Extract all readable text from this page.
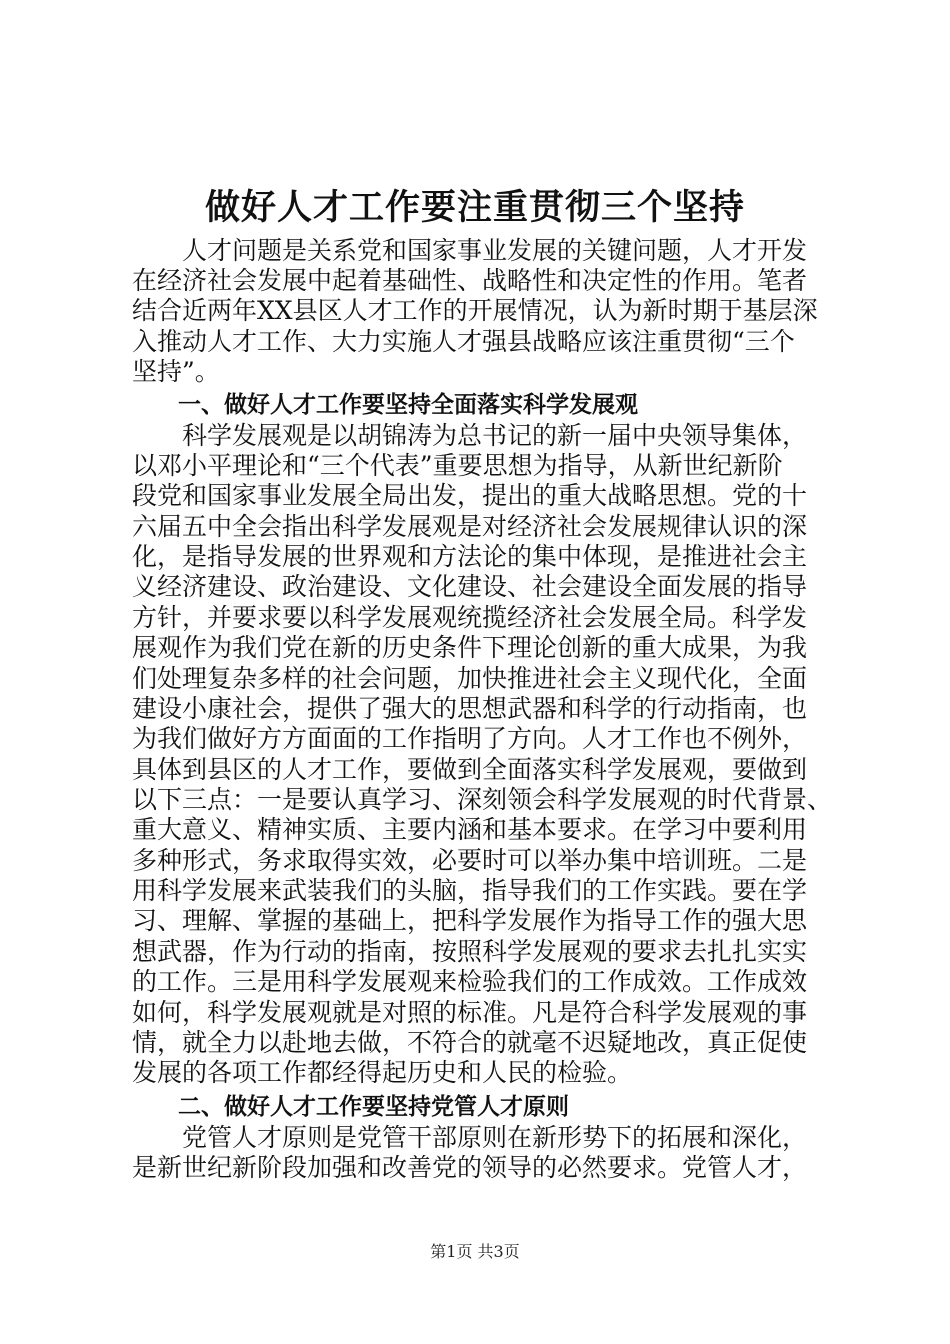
做好人才工作要注重贯彻三个坚持
　　人才问题是关系党和国家事业发展的关键问题，人才开发
在经济社会发展中起着基础性、战略性和决定性的作用。笔者
结合近两年XX县区人才工作的开展情况，认为新时期于基层深
入推动人才工作、大力实施人才强县战略应该注重贯彻“三个
坚持”。
　　一、做好人才工作要坚持全面落实科学发展观
　　科学发展观是以胡锦涛为总书记的新一届中央领导集体，
以邓小平理论和“三个代表”重要思想为指导，从新世纪新阶
段党和国家事业发展全局出发，提出的重大战略思想。党的十
六届五中全会指出科学发展观是对经济社会发展规律认识的深
化，是指导发展的世界观和方法论的集中体现，是推进社会主
义经济建设、政治建设、文化建设、社会建设全面发展的指导
方针，并要求要以科学发展观统揽经济社会发展全局。科学发
展观作为我们党在新的历史条件下理论创新的重大成果，为我
们处理复杂多样的社会问题，加快推进社会主义现代化，全面
建设小康社会，提供了强大的思想武器和科学的行动指南，也
为我们做好方方面面的工作指明了方向。人才工作也不例外，
具体到县区的人才工作，要做到全面落实科学发展观，要做到
以下三点：一是要认真学习、深刻领会科学发展观的时代背景、
重大意义、精神实质、主要内涵和基本要求。在学习中要利用
多种形式，务求取得实效，必要时可以举办集中培训班。二是
用科学发展来武装我们的头脑，指导我们的工作实践。要在学
习、理解、掌握的基础上，把科学发展作为指导工作的强大思
想武器，作为行动的指南，按照科学发展观的要求去扎扎实实
的工作。三是用科学发展观来检验我们的工作成效。工作成效
如何，科学发展观就是对照的标准。凡是符合科学发展观的事
情，就全力以赴地去做，不符合的就毫不迟疑地改，真正促使
发展的各项工作都经得起历史和人民的检验。
　　二、做好人才工作要坚持党管人才原则
　　党管人才原则是党管干部原则在新形势下的拓展和深化，
是新世纪新阶段加强和改善党的领导的必然要求。党管人才，
第1页 共3页
